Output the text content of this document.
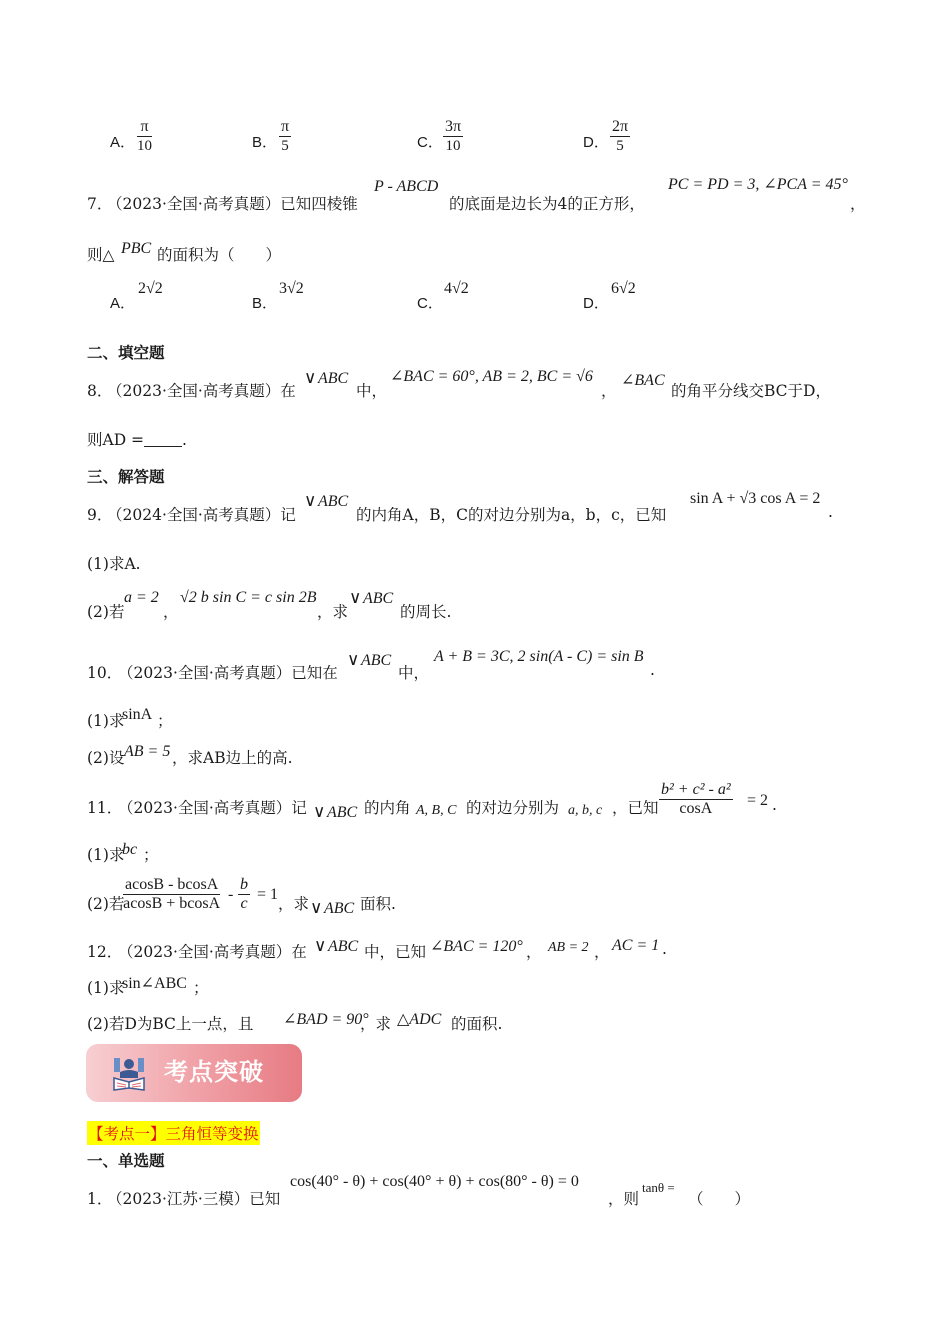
A． $\frac{\pi}{10}$	B． $\frac{\pi}{5}$	C． $\frac{3\pi}{10}$	D． $\frac{2\pi}{5}$
7．
（2023·全国·高考真题）已知四棱锥
P - ABCD
的底面是边长为4的正方形，
PC = PD = 3, ∠PCA = 45°
，
则△ PBC 的面积为（　　）
A．
2√2
B．
3√2
C．
4√2
D．
6√2
二、填空题
8．
（2023·全国·高考真题）在
∨ ABC
中，
∠BAC = 60°, AB = 2, BC = √6
，
∠BAC
的角平分线交BC于D，
则AD = .
三、解答题
9．
（2024·全国·高考真题）记
∨ ABC
的内角A，B，C的对边分别为a，b，c，已知
sin A + √3 cos A = 2
.
(1)求A.
(2)若
a = 2
，
√2 b sin C = c sin 2B
，求
∨ ABC
的周长.
10．
（2023·全国·高考真题）已知在
∨ ABC
中，
A + B = 3C, 2 sin(A - C) = sin B
.
(1)求
sinA ；
(2)设 AB = 5 ，求AB边上的高.
11．
（2023·全国·高考真题）记 ∨ ABC 的内角 A, B, C 的对边分别为 a, b, c ，已知 $\frac{\text{b² + c² - a²}}{\cos A} = 2$ .
(1)求
bc ；
(2)若
$\frac{acosB - bcosA}{acosB + bcosA} - \frac{b}{c} = 1$
，求 ∨ ABC 面积.
12．
（2023·全国·高考真题）在 ∨ ABC 中，已知 ∠BAC = 120° ， AB = 2 ， AC = 1 .
(1)求
sin∠ABC ；
(2)若D为BC上一点，且 ∠BAD = 90°
，求 △ADC 的面积.
考点突破
【考点一】三角恒等变换
一、单选题
1．
（2023·江苏·三模）已知
cos(40° - θ) + cos(40° + θ) + cos(80° - θ) = 0
，则
tanθ =
（　　）
